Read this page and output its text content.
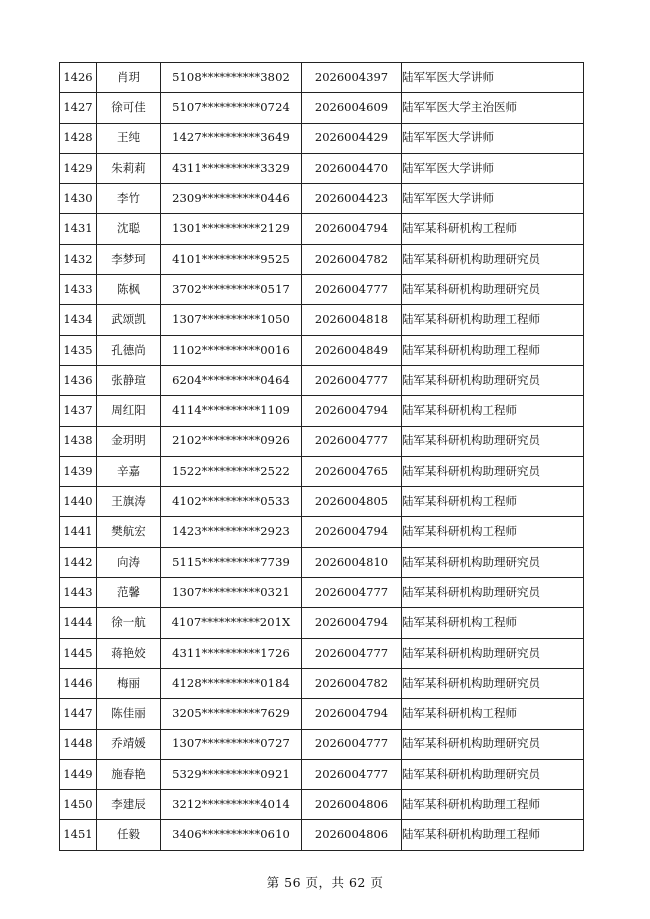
1426	肖玥	5108**********3802	2026004397	陆军军医大学讲师
1427	徐可佳	5107**********0724	2026004609	陆军军医大学主治医师
1428	王纯	1427**********3649	2026004429	陆军军医大学讲师
1429	朱莉莉	4311**********3329	2026004470	陆军军医大学讲师
1430	李竹	2309**********0446	2026004423	陆军军医大学讲师
1431	沈聪	1301**********2129	2026004794	陆军某科研机构工程师
1432	李梦珂	4101**********9525	2026004782	陆军某科研机构助理研究员
1433	陈枫	3702**********0517	2026004777	陆军某科研机构助理研究员
1434	武颂凯	1307**********1050	2026004818	陆军某科研机构助理工程师
1435	孔德尚	1102**********0016	2026004849	陆军某科研机构助理工程师
1436	张静瑄	6204**********0464	2026004777	陆军某科研机构助理研究员
1437	周红阳	4114**********1109	2026004794	陆军某科研机构工程师
1438	金玥明	2102**********0926	2026004777	陆军某科研机构助理研究员
1439	辛嘉	1522**********2522	2026004765	陆军某科研机构助理研究员
1440	王旗涛	4102**********0533	2026004805	陆军某科研机构工程师
1441	樊航宏	1423**********2923	2026004794	陆军某科研机构工程师
1442	向涛	5115**********7739	2026004810	陆军某科研机构助理研究员
1443	范馨	1307**********0321	2026004777	陆军某科研机构助理研究员
1444	徐一航	4107**********201X	2026004794	陆军某科研机构工程师
1445	蒋艳姣	4311**********1726	2026004777	陆军某科研机构助理研究员
1446	梅丽	4128**********0184	2026004782	陆军某科研机构助理研究员
1447	陈佳丽	3205**********7629	2026004794	陆军某科研机构工程师
1448	乔靖媛	1307**********0727	2026004777	陆军某科研机构助理研究员
1449	施春艳	5329**********0921	2026004777	陆军某科研机构助理研究员
1450	李建辰	3212**********4014	2026004806	陆军某科研机构助理工程师
1451	任毅	3406**********0610	2026004806	陆军某科研机构助理工程师
第 56 页，共 62 页
